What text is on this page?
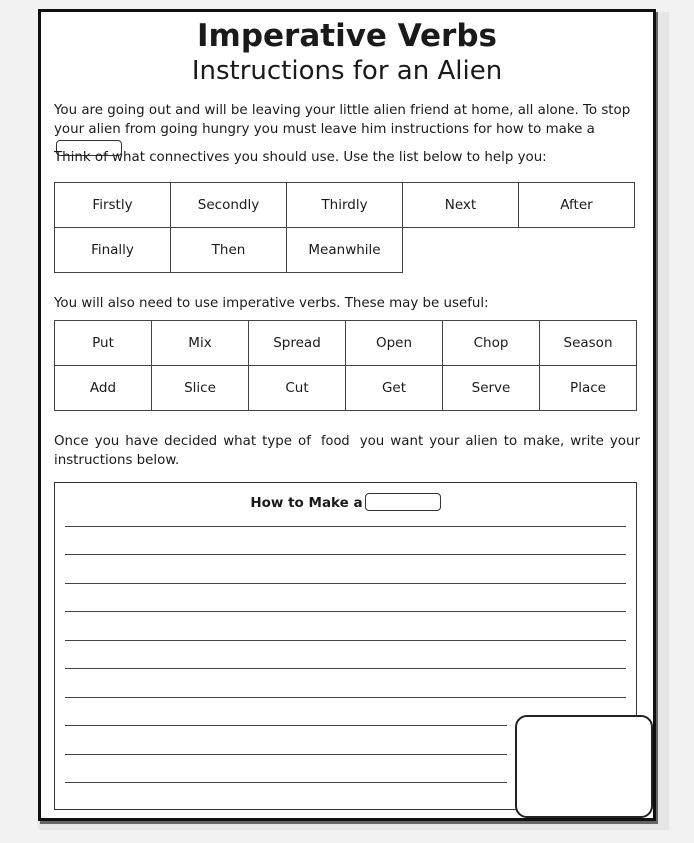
Imperative Verbs
Instructions for an Alien
You are going out and will be leaving your little alien friend at home, all alone. To stop your alien from going hungry you must leave him instructions for how to make a
Think of what connectives you should use. Use the list below to help you:
Firstly	Secondly	Thirdly	Next	After
Finally	Then	Meanwhile		
You will also need to use imperative verbs. These may be useful:
Put	Mix	Spread	Open	Chop	Season
Add	Slice	Cut	Get	Serve	Place
Once you have decided what type of food you want your alien to make, write your instructions below.
How to Make a
